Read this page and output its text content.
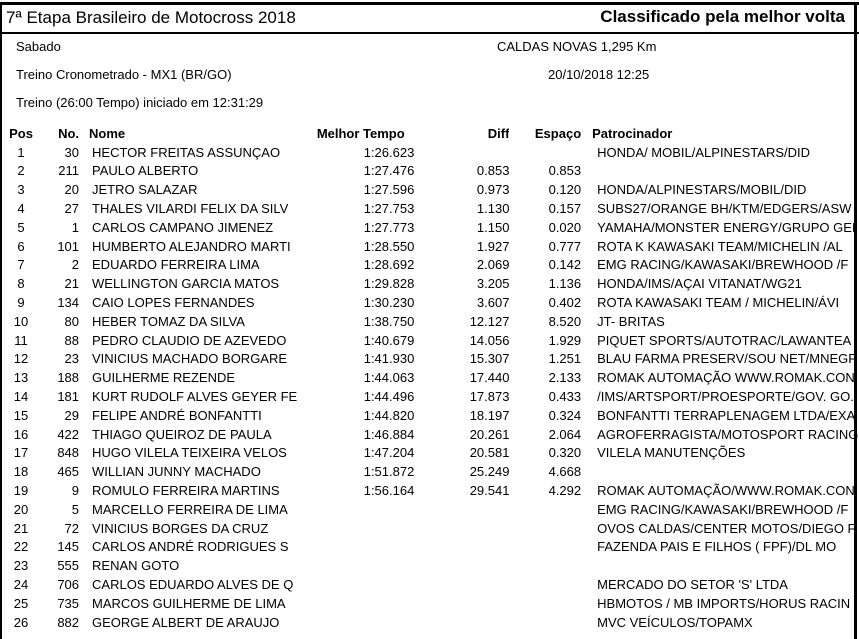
7ª Etapa Brasileiro de Motocross 2018	Classificado pela melhor volta
Sabado	CALDAS NOVAS 1,295 Km
Treino Cronometrado - MX1 (BR/GO)	20/10/2018 12:25
Treino (26:00 Tempo) iniciado em 12:31:29
Pos	No.	Nome	Melhor Tempo	Diff	Espaço	Patrocinador
1	30	HECTOR FREITAS ASSUNÇAO	1:26.623			HONDA/ MOBIL/ALPINESTARS/DID
2	211	PAULO ALBERTO	1:27.476	0.853	0.853	
3	20	JETRO SALAZAR	1:27.596	0.973	0.120	HONDA/ALPINESTARS/MOBIL/DID
4	27	THALES VILARDI FELIX DA SILV	1:27.753	1.130	0.157	SUBS27/ORANGE BH/KTM/EDGERS/ASW
5	1	CARLOS CAMPANO JIMENEZ	1:27.773	1.150	0.020	YAMAHA/MONSTER ENERGY/GRUPO GEI
6	101	HUMBERTO ALEJANDRO MARTI	1:28.550	1.927	0.777	ROTA K KAWASAKI TEAM/MICHELIN /AL
7	2	EDUARDO FERREIRA LIMA	1:28.692	2.069	0.142	EMG RACING/KAWASAKI/BREWHOOD /F
8	21	WELLINGTON GARCIA MATOS	1:29.828	3.205	1.136	HONDA/IMS/AÇAI VITANAT/WG21
9	134	CAIO LOPES FERNANDES	1:30.230	3.607	0.402	ROTA KAWASAKI TEAM / MICHELIN/ÁVI
10	80	HEBER TOMAZ DA SILVA	1:38.750	12.127	8.520	JT- BRITAS
11	88	PEDRO CLAUDIO DE AZEVEDO	1:40.679	14.056	1.929	PIQUET SPORTS/AUTOTRAC/LAWANTEA
12	23	VINICIUS MACHADO BORGARE	1:41.930	15.307	1.251	BLAU FARMA PRESERV/SOU NET/MNEGF
13	188	GUILHERME REZENDE	1:44.063	17.440	2.133	ROMAK AUTOMAÇÃO WWW.ROMAK.CON
14	181	KURT RUDOLF ALVES GEYER FE	1:44.496	17.873	0.433	/IMS/ARTSPORT/PROESPORTE/GOV. GO.
15	29	FELIPE ANDRÉ BONFANTTI	1:44.820	18.197	0.324	BONFANTTI TERRAPLENAGEM LTDA/EXA
16	422	THIAGO QUEIROZ DE PAULA	1:46.884	20.261	2.064	AGROFERRAGISTA/MOTOSPORT RACING
17	848	HUGO VILELA TEIXEIRA VELOS	1:47.204	20.581	0.320	VILELA MANUTENÇÕES
18	465	WILLIAN JUNNY MACHADO	1:51.872	25.249	4.668	
19	9	ROMULO FERREIRA MARTINS	1:56.164	29.541	4.292	ROMAK AUTOMAÇÃO/WWW.ROMAK.CON
20	5	MARCELLO FERREIRA DE LIMA				EMG RACING/KAWASAKI/BREWHOOD /F
21	72	VINICIUS BORGES DA CRUZ				OVOS CALDAS/CENTER MOTOS/DIEGO F
22	145	CARLOS ANDRÉ RODRIGUES S				FAZENDA PAIS E FILHOS ( FPF)/DL MO
23	555	RENAN GOTO				
24	706	CARLOS EDUARDO ALVES DE Q				MERCADO DO SETOR 'S' LTDA
25	735	MARCOS GUILHERME DE LIMA				HBMOTOS / MB IMPORTS/HORUS RACIN
26	882	GEORGE ALBERT DE ARAUJO				MVC VEÍCULOS/TOPAMX
